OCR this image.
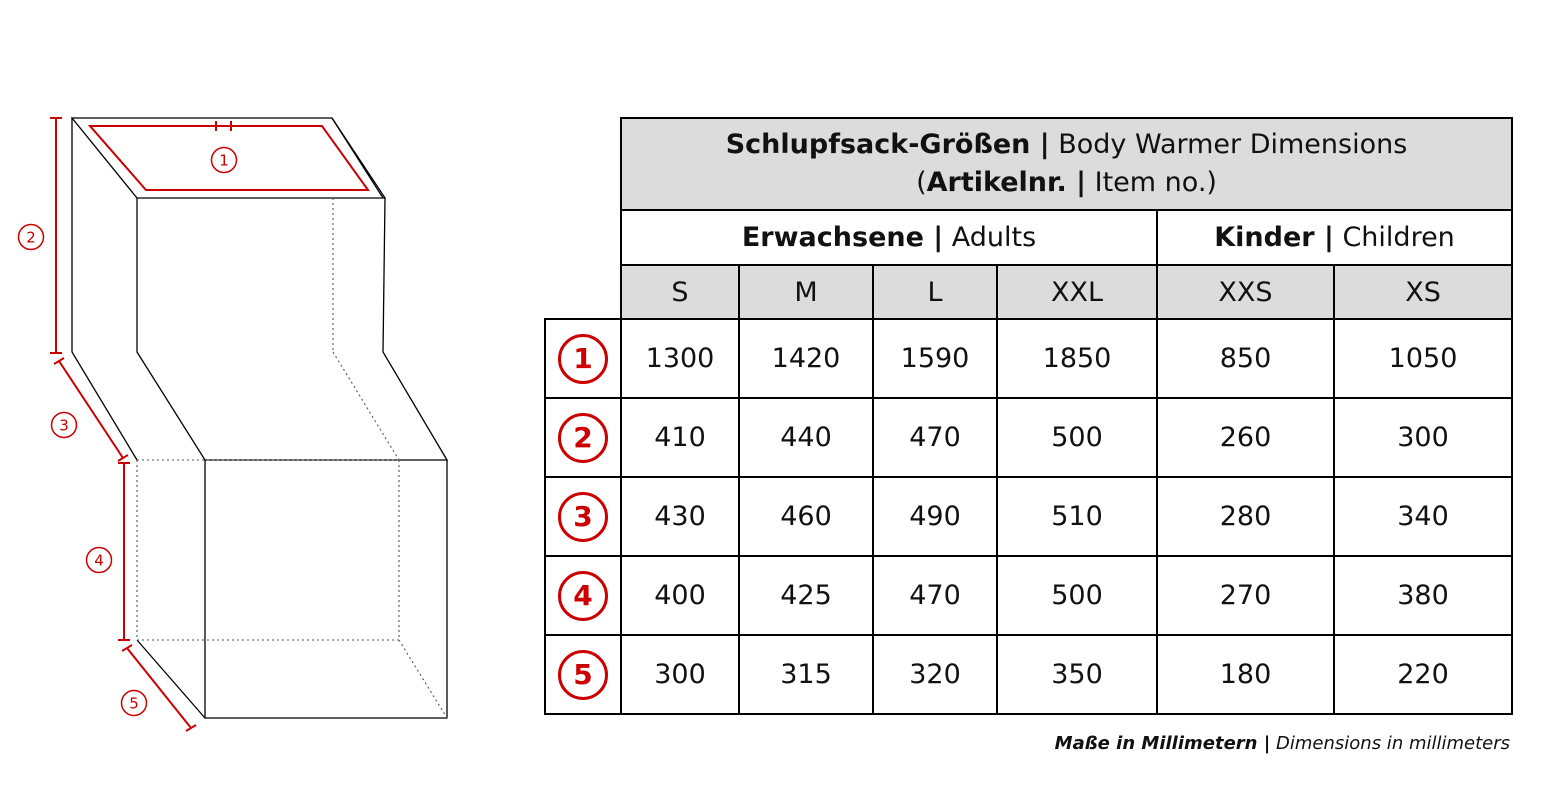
1
2
3
4
5
	Schlupfsack-Größen | Body Warmer Dimensions
(Artikelnr. | Item no.)					
	Erwachsene | Adults				Kinder | Children	
	S	M	L	XXL	XXS	XS
1	1300	1420	1590	1850	850	1050
2	410	440	470	500	260	300
3	430	460	490	510	280	340
4	400	425	470	500	270	380
5	300	315	320	350	180	220
Maße in Millimetern | Dimensions in millimeters
